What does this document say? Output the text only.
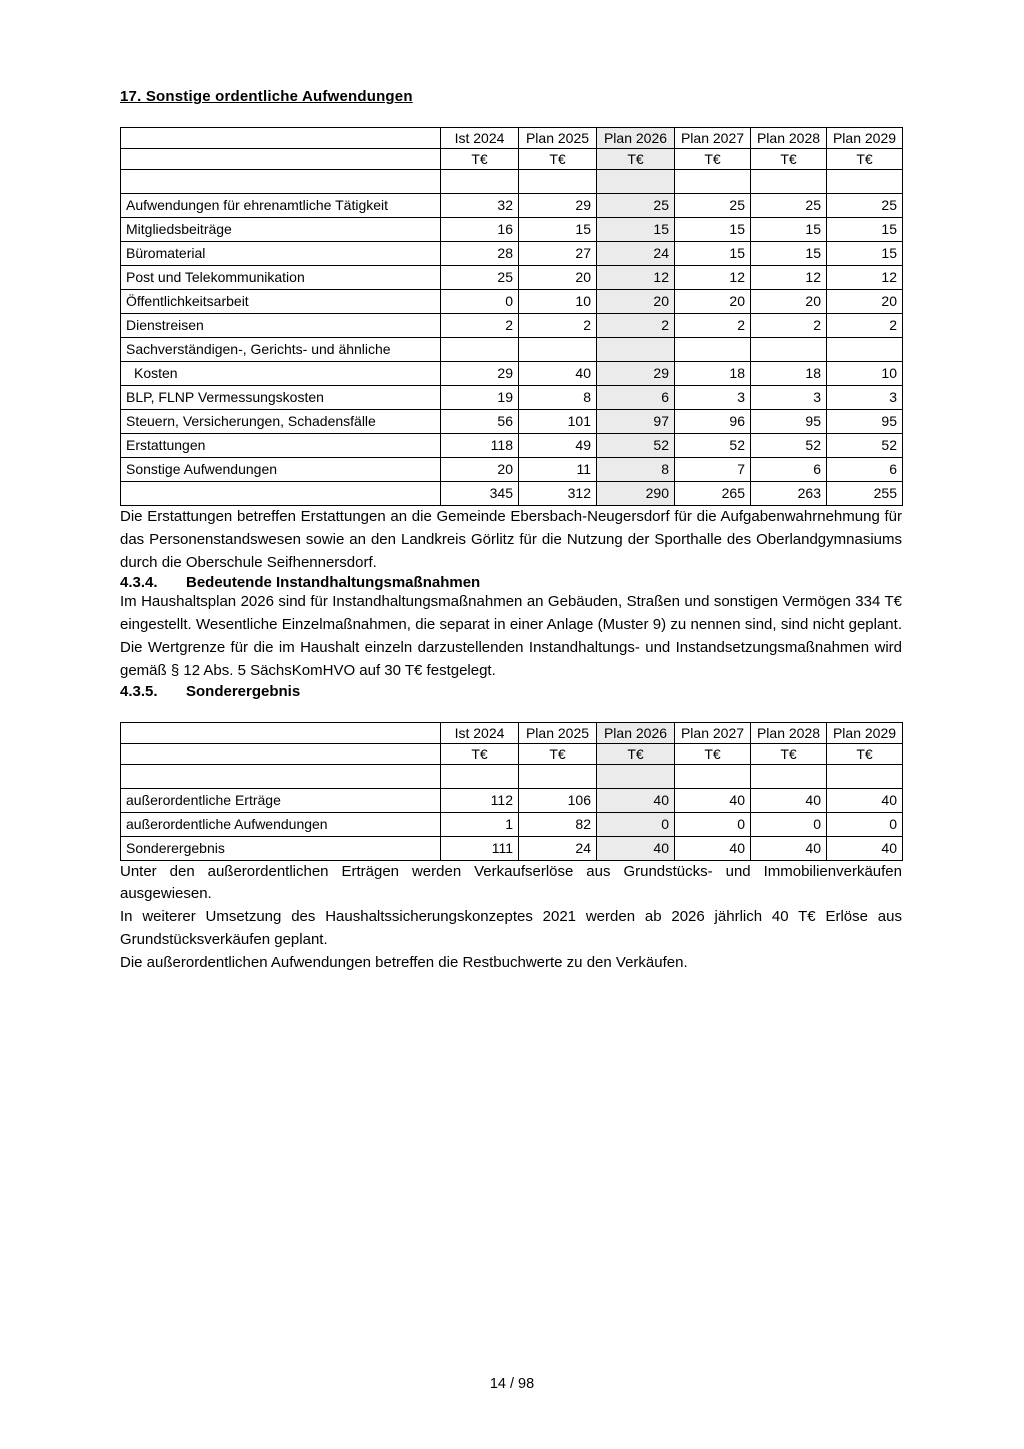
17. Sonstige ordentliche Aufwendungen
	Ist 2024	Plan 2025	Plan 2026	Plan 2027	Plan 2028	Plan 2029
	T€	T€	T€	T€	T€	T€

Aufwendungen für ehrenamtliche Tätigkeit	32	29	25	25	25	25
Mitgliedsbeiträge	16	15	15	15	15	15
Büromaterial	28	27	24	15	15	15
Post und Telekommunikation	25	20	12	12	12	12
Öffentlichkeitsarbeit	0	10	20	20	20	20
Dienstreisen	2	2	2	2	2	2
Sachverständigen-, Gerichts- und ähnliche						

Kosten	29	40	29	18	18	10
BLP, FLNP Vermessungskosten	19	8	6	3	3	3
Steuern, Versicherungen, Schadensfälle	56	101	97	96	95	95
Erstattungen	118	49	52	52	52	52
Sonstige Aufwendungen	20	11	8	7	6	6
	345	312	290	265	263	255

Die Erstattungen betreffen Erstattungen an die Gemeinde Ebersbach-Neugersdorf für die Aufgabenwahrnehmung für das Personenstandswesen sowie an den Landkreis Görlitz für die Nutzung der Sporthalle des Oberlandgymnasiums durch die Oberschule Seifhennersdorf.

4.3.4.	Bedeutende Instandhaltungsmaßnahmen

Im Haushaltsplan 2026 sind für Instandhaltungsmaßnahmen an Gebäuden, Straßen und sonstigen Vermögen 334 T€ eingestellt. Wesentliche Einzelmaßnahmen, die separat in einer Anlage (Muster 9) zu nennen sind, sind nicht geplant. Die Wertgrenze für die im Haushalt einzeln darzustellenden Instandhaltungs- und Instandsetzungsmaßnahmen wird gemäß § 12 Abs. 5 SächsKomHVO auf 30 T€ festgelegt.

4.3.5.	Sonderergebnis
	Ist 2024	Plan 2025	Plan 2026	Plan 2027	Plan 2028	Plan 2029
	T€	T€	T€	T€	T€	T€

außerordentliche Erträge	112	106	40	40	40	40
außerordentliche Aufwendungen	1	82	0	0	0	0
Sonderergebnis	111	24	40	40	40	40

Unter den außerordentlichen Erträgen werden Verkaufserlöse aus Grundstücks- und Immobilienverkäufen ausgewiesen.

In weiterer Umsetzung des Haushaltssicherungskonzeptes 2021 werden ab 2026 jährlich 40 T€ Erlöse aus Grundstücksverkäufen geplant.

Die außerordentlichen Aufwendungen betreffen die Restbuchwerte zu den Verkäufen.

14 / 98
